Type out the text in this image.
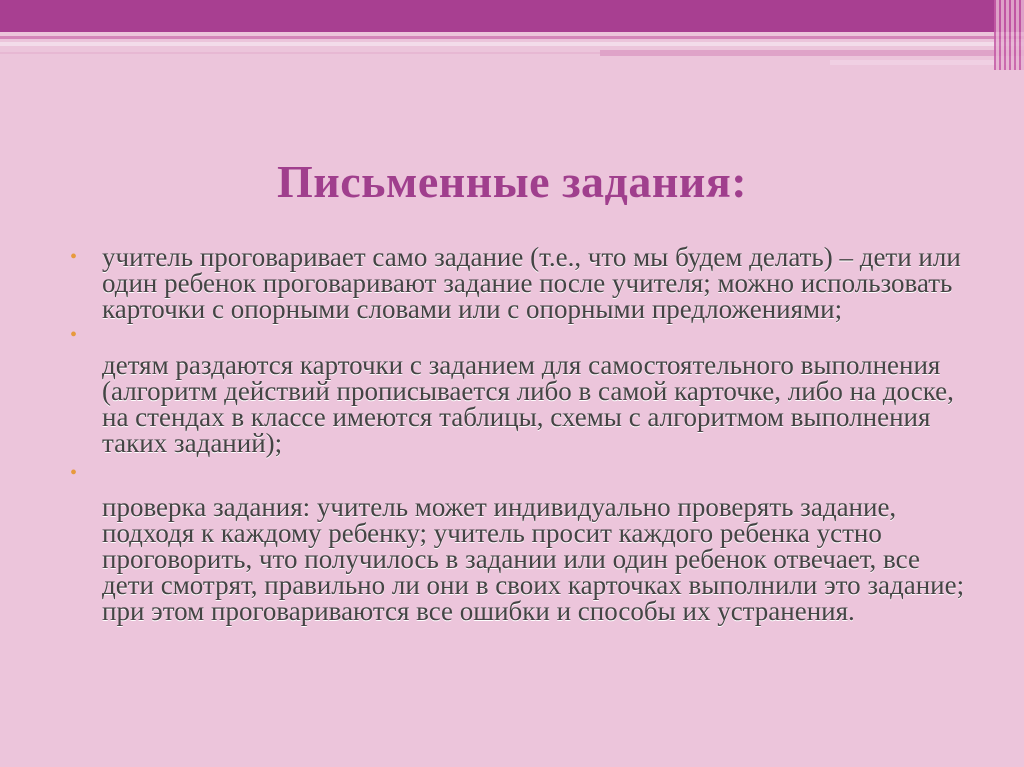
Письменные задания:
• учитель проговаривает само задание (т.е., что мы будем делать) – дети или один ребенок проговаривают задание после учителя; можно использовать карточки с опорными словами или с опорными предложениями;
•
детям раздаются карточки с заданием для самостоятельного выполнения (алгоритм действий прописывается либо в самой карточке, либо на доске, на стендах в классе имеются таблицы, схемы с алгоритмом выполнения таких заданий);
•
проверка задания: учитель может индивидуально проверять задание, подходя к каждому ребенку; учитель просит каждого ребенка устно проговорить, что получилось в задании или один ребенок отвечает, все дети смотрят, правильно ли они в своих карточках выполнили это задание; при этом проговариваются все ошибки и способы их устранения.
